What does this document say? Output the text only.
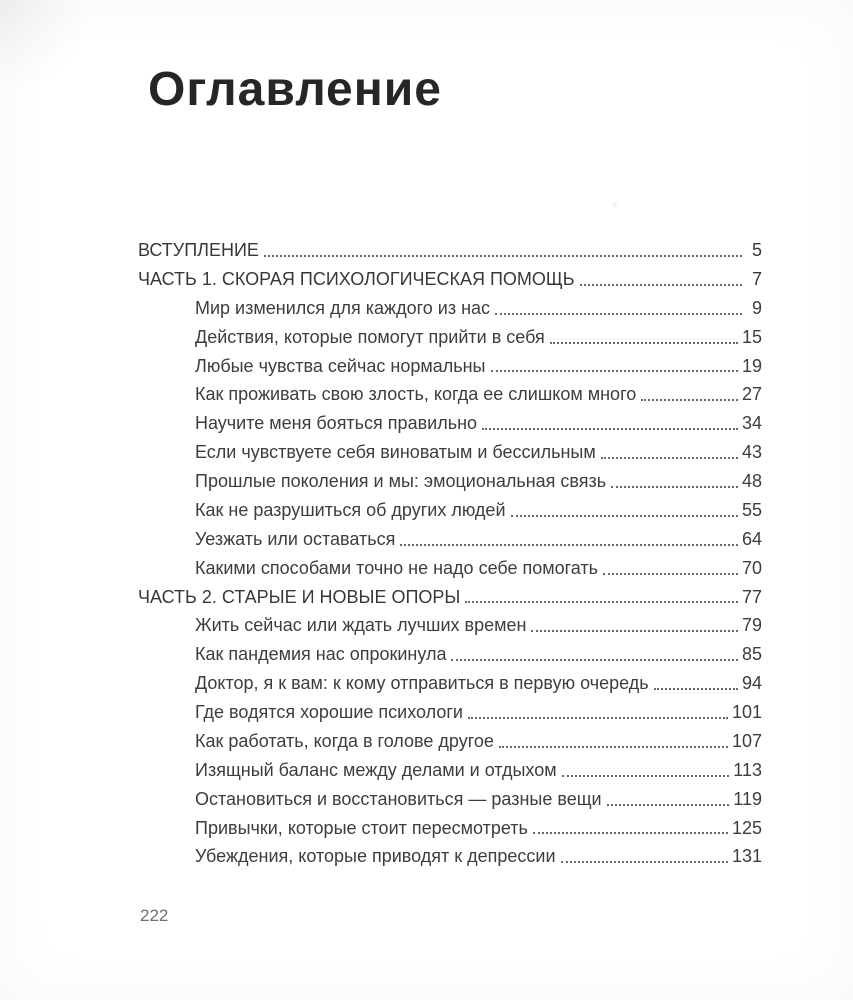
Оглавление
ВСТУПЛЕНИЕ	5
ЧАСТЬ 1. СКОРАЯ ПСИХОЛОГИЧЕСКАЯ ПОМОЩЬ	7
Мир изменился для каждого из нас	9
Действия, которые помогут прийти в себя	15
Любые чувства сейчас нормальны	19
Как проживать свою злость, когда ее слишком много	27
Научите меня бояться правильно	34
Если чувствуете себя виноватым и бессильным	43
Прошлые поколения и мы: эмоциональная связь	48
Как не разрушиться об других людей	55
Уезжать или оставаться	64
Какими способами точно не надо себе помогать	70
ЧАСТЬ 2. СТАРЫЕ И НОВЫЕ ОПОРЫ	77
Жить сейчас или ждать лучших времен	79
Как пандемия нас опрокинула	85
Доктор, я к вам: к кому отправиться в первую очередь	94
Где водятся хорошие психологи	101
Как работать, когда в голове другое	107
Изящный баланс между делами и отдыхом	113
Остановиться и восстановиться — разные вещи	119
Привычки, которые стоит пересмотреть	125
Убеждения, которые приводят к депрессии	131
222
